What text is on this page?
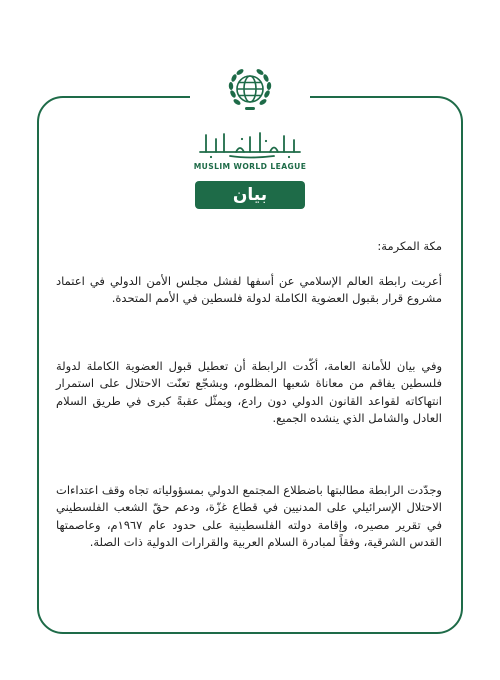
MUSLIM WORLD LEAGUE
بيان
مكة المكرمة:

أعربت رابطة العالم الإسلامي عن أسفها لفشل مجلس الأمن الدولي في اعتماد مشروع قرار بقبول العضوية الكاملة لدولة فلسطين في الأمم المتحدة.

وفي بيان للأمانة العامة، أكّدت الرابطة أن تعطيل قبول العضوية الكاملة لدولة فلسطين يفاقم من معاناة شعبها المظلوم، ويشجّع تعنّت الاحتلال على استمرار انتهاكاته لقواعد القانون الدولي دون رادع، ويمثّل عقبةً كبرى في طريق السلام العادل والشامل الذي ينشده الجميع.

وجدّدت الرابطة مطالبتها باضطلاع المجتمع الدولي بمسؤولياته تجاه وقف اعتداءات الاحتلال الإسرائيلي على المدنيين في قطاع غزّة، ودعم حقّ الشعب الفلسطيني في تقرير مصيره، وإقامة دولته الفلسطينية على حدود عام ١٩٦٧م، وعاصمتها القدس الشرقية، وفقاً لمبادرة السلام العربية والقرارات الدولية ذات الصلة.
